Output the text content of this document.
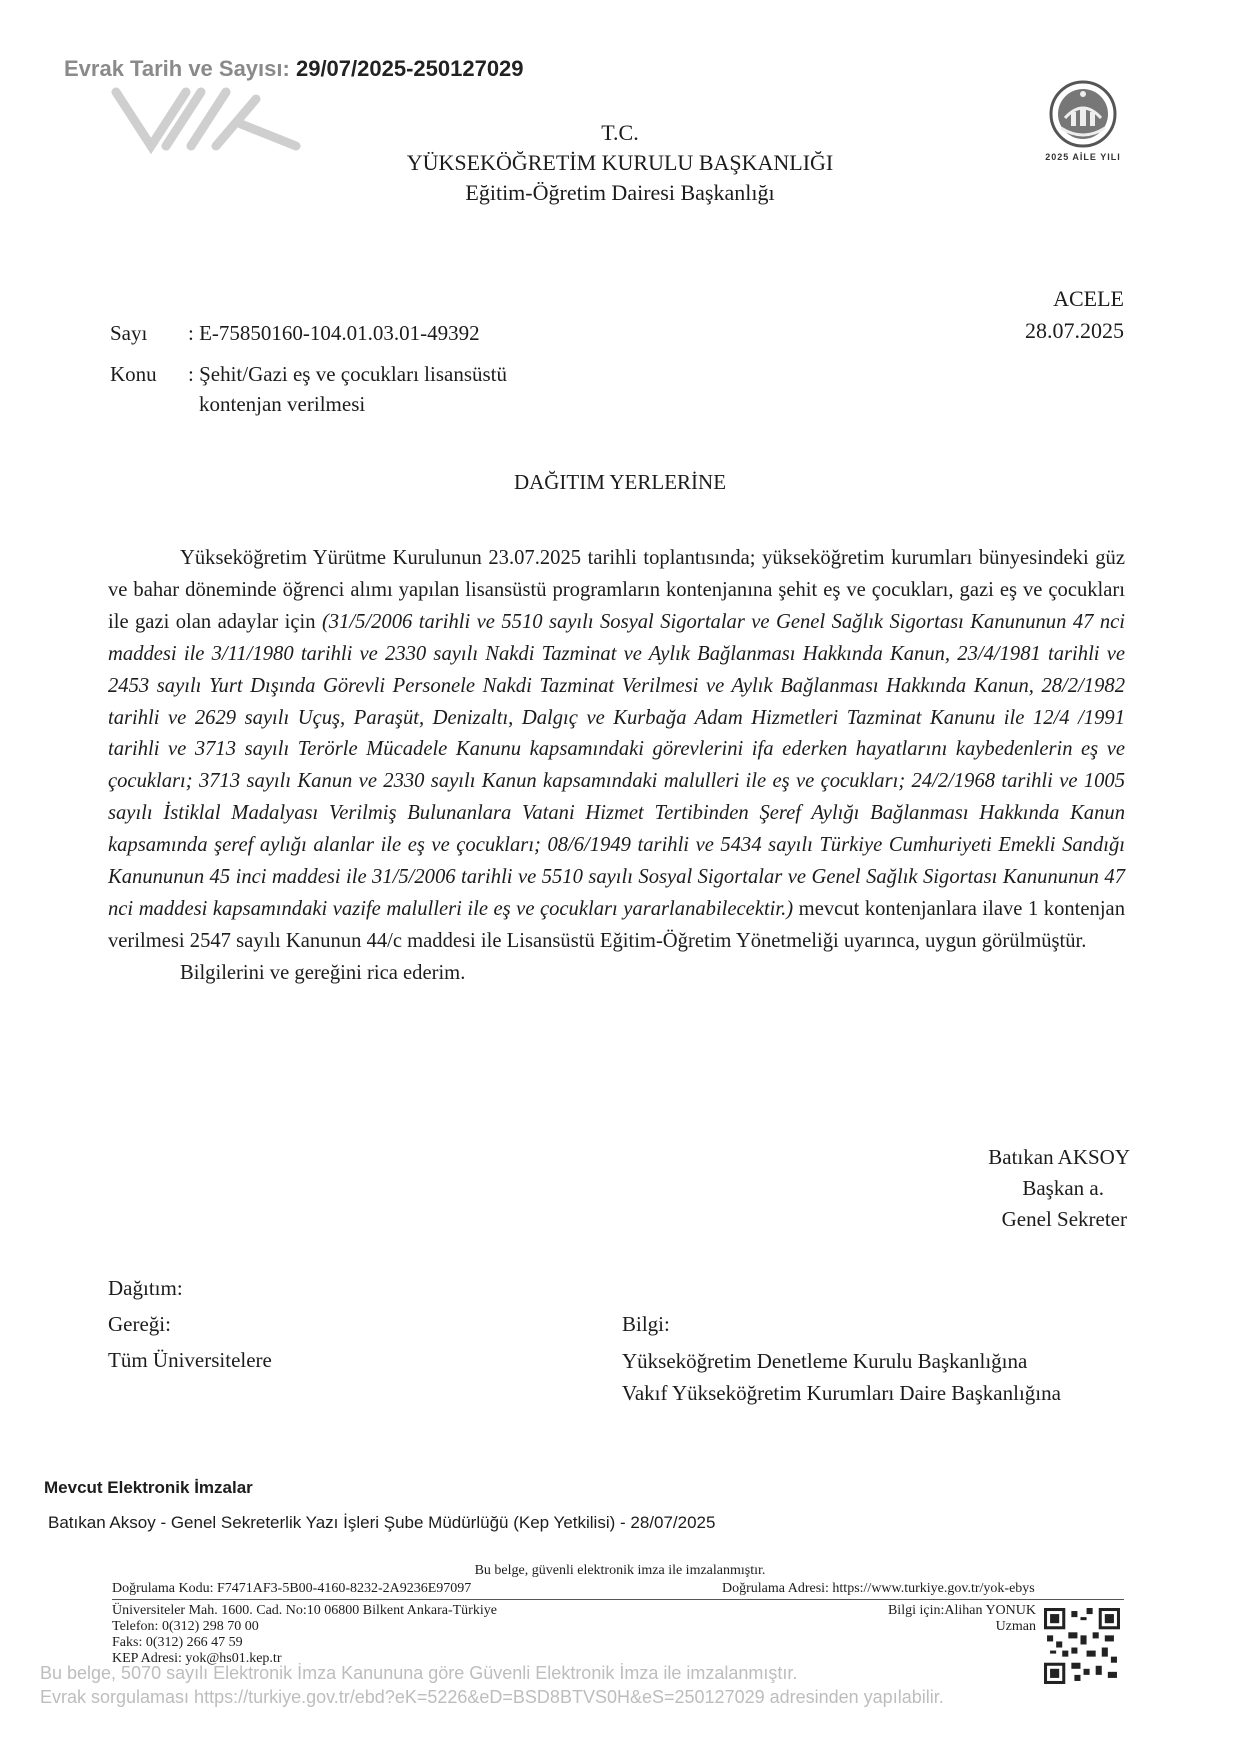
Evrak Tarih ve Sayısı: 29/07/2025-250127029
T.C.
YÜKSEKÖĞRETİM KURULU BAŞKANLIĞI
Eğitim-Öğretim Dairesi Başkanlığı
2025 AİLE YILI
ACELE
28.07.2025
Sayı : E-75850160-104.01.03.01-49392
Konu : Şehit/Gazi eş ve çocukları lisansüstü
kontenjan verilmesi
DAĞITIM YERLERİNE

Yükseköğretim Yürütme Kurulunun 23.07.2025 tarihli toplantısında; yükseköğretim kurumları bünyesindeki güz ve bahar döneminde öğrenci alımı yapılan lisansüstü programların kontenjanına şehit eş ve çocukları, gazi eş ve çocukları ile gazi olan adaylar için (31/5/2006 tarihli ve 5510 sayılı Sosyal Sigortalar ve Genel Sağlık Sigortası Kanununun 47 nci maddesi ile 3/11/1980 tarihli ve 2330 sayılı Nakdi Tazminat ve Aylık Bağlanması Hakkında Kanun, 23/4/1981 tarihli ve 2453 sayılı Yurt Dışında Görevli Personele Nakdi Tazminat Verilmesi ve Aylık Bağlanması Hakkında Kanun, 28/2/1982 tarihli ve 2629 sayılı Uçuş, Paraşüt, Denizaltı, Dalgıç ve Kurbağa Adam Hizmetleri Tazminat Kanunu ile 12/4 /1991 tarihli ve 3713 sayılı Terörle Mücadele Kanunu kapsamındaki görevlerini ifa ederken hayatlarını kaybedenlerin eş ve çocukları; 3713 sayılı Kanun ve 2330 sayılı Kanun kapsamındaki malulleri ile eş ve çocukları; 24/2/1968 tarihli ve 1005 sayılı İstiklal Madalyası Verilmiş Bulunanlara Vatani Hizmet Tertibinden Şeref Aylığı Bağlanması Hakkında Kanun kapsamında şeref aylığı alanlar ile eş ve çocukları; 08/6/1949 tarihli ve 5434 sayılı Türkiye Cumhuriyeti Emekli Sandığı Kanununun 45 inci maddesi ile 31/5/2006 tarihli ve 5510 sayılı Sosyal Sigortalar ve Genel Sağlık Sigortası Kanununun 47 nci maddesi kapsamındaki vazife malulleri ile eş ve çocukları yararlanabilecektir.) mevcut kontenjanlara ilave 1 kontenjan verilmesi 2547 sayılı Kanunun 44/c maddesi ile Lisansüstü Eğitim-Öğretim Yönetmeliği uyarınca, uygun görülmüştür.

Bilgilerini ve gereğini rica ederim.

Batıkan AKSOY
Başkan a.
Genel Sekreter
Dağıtım:
Gereği:
Tüm Üniversitelere
Bilgi:
Yükseköğretim Denetleme Kurulu Başkanlığına
Vakıf Yükseköğretim Kurumları Daire Başkanlığına
Mevcut Elektronik İmzalar
Batıkan Aksoy - Genel Sekreterlik Yazı İşleri Şube Müdürlüğü (Kep Yetkilisi) - 28/07/2025
Bu belge, güvenli elektronik imza ile imzalanmıştır.
Doğrulama Kodu: F7471AF3-5B00-4160-8232-2A9236E97097	Doğrulama Adresi: https://www.turkiye.gov.tr/yok-ebys
Üniversiteler Mah. 1600. Cad. No:10 06800 Bilkent Ankara-Türkiye
Telefon: 0(312) 298 70 00
Faks: 0(312) 266 47 59
KEP Adresi: yok@hs01.kep.tr
Bilgi için:Alihan YONUK
Uzman
Bu belge, 5070 sayılı Elektronik İmza Kanununa göre Güvenli Elektronik İmza ile imzalanmıştır.
Evrak sorgulaması https://turkiye.gov.tr/ebd?eK=5226&eD=BSD8BTVS0H&eS=250127029 adresinden yapılabilir.
